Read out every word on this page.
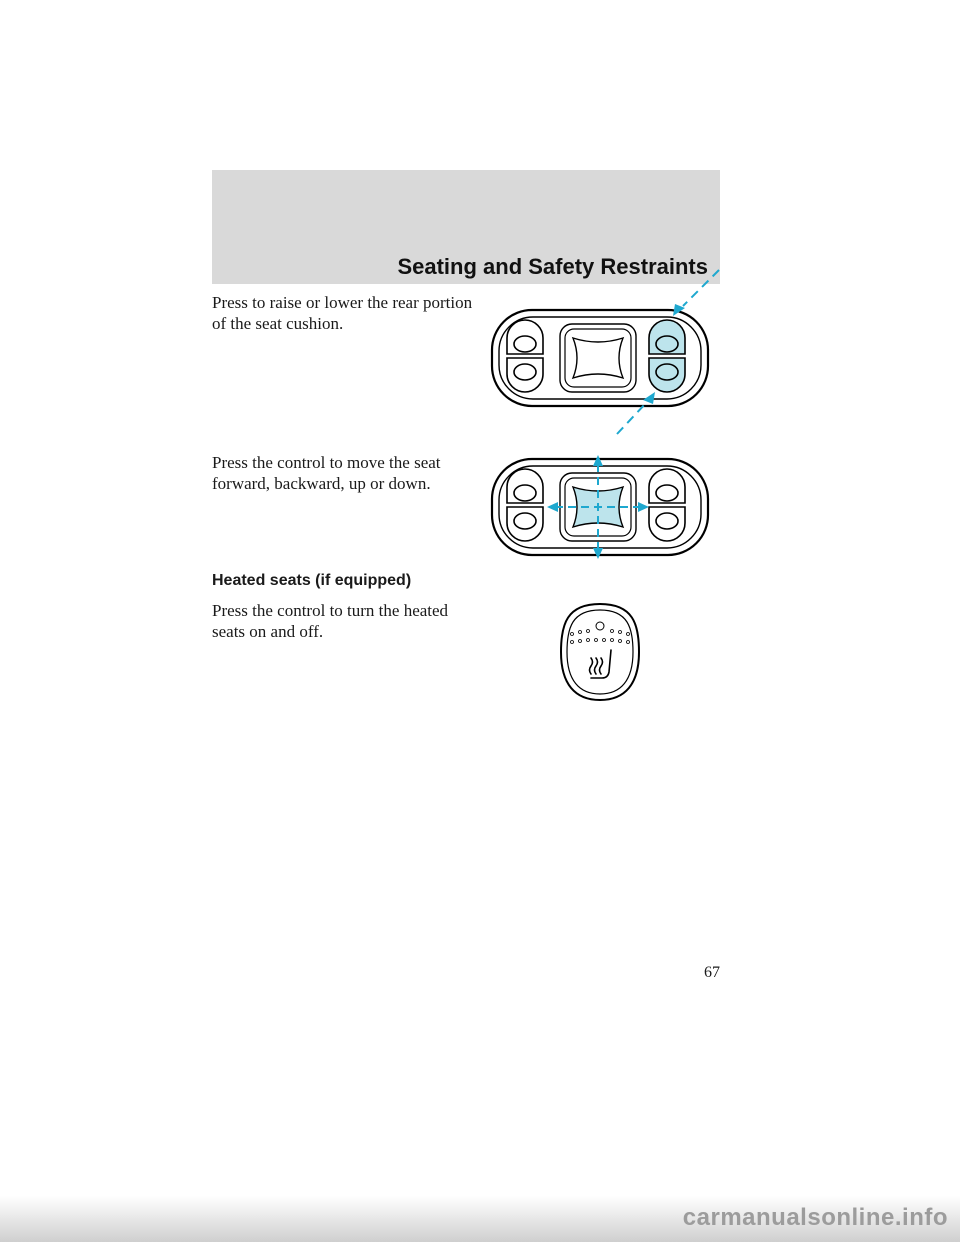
Seating and Safety Restraints

Press to raise or lower the rear portion of the seat cushion.

Press the control to move the seat forward, backward, up or down.

Heated seats (if equipped)

Press the control to turn the heated seats on and off.

67
carmanualsonline.info
